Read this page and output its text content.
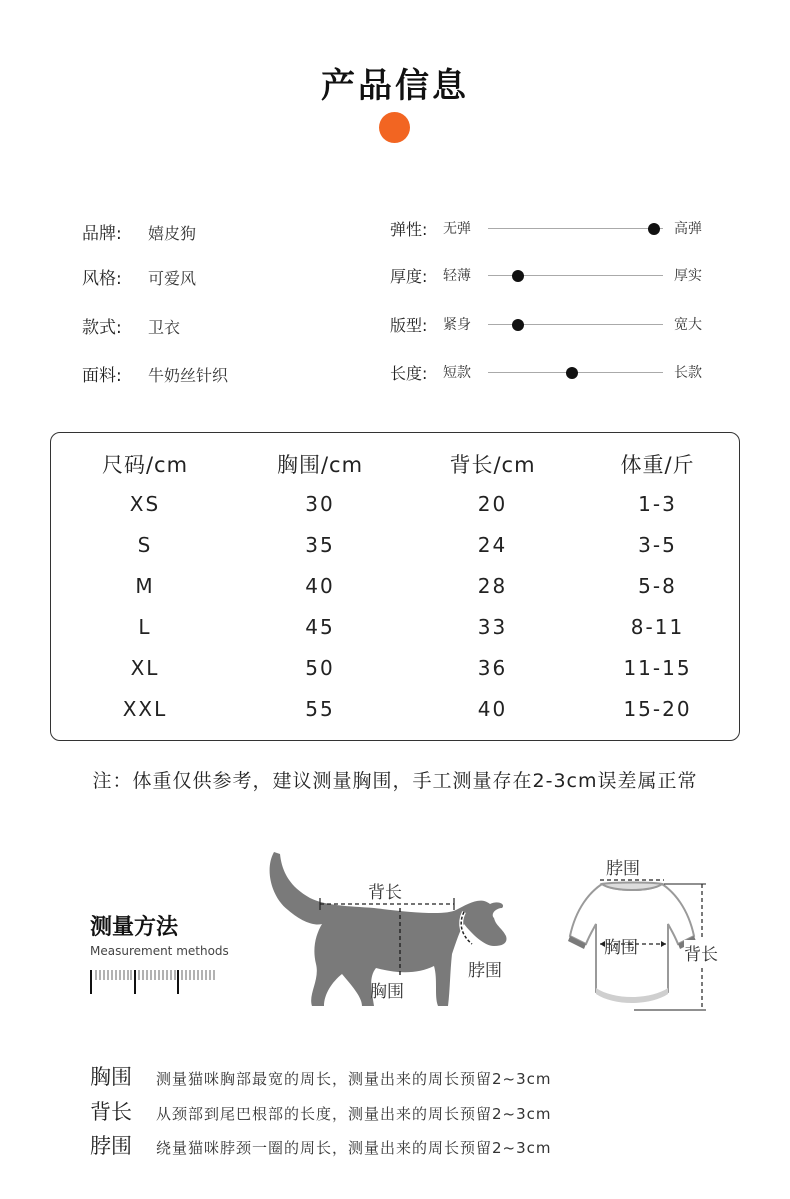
产品信息
品牌: 嬉皮狗
风格: 可爱风
款式: 卫衣
面料: 牛奶丝针织
弹性:	无弹	高弹
厚度:	轻薄	厚实
版型:	紧身	宽大
长度:	短款	长款
尺码/cm	胸围/cm	背长/cm	体重/斤
XS	30	20	1-3
S	35	24	3-5
M	40	28	5-8
L	45	33	8-11
XL	50	36	11-15
XXL	55	40	15-20

注：体重仅供参考，建议测量胸围，手工测量存在2-3cm误差属正常

测量方法
Measurement methods
背长
脖围
胸围
脖围
胸围	背长
胸围 测量猫咪胸部最宽的周长，测量出来的周长预留2~3cm
背长 从颈部到尾巴根部的长度，测量出来的周长预留2~3cm
脖围 绕量猫咪脖颈一圈的周长，测量出来的周长预留2~3cm
